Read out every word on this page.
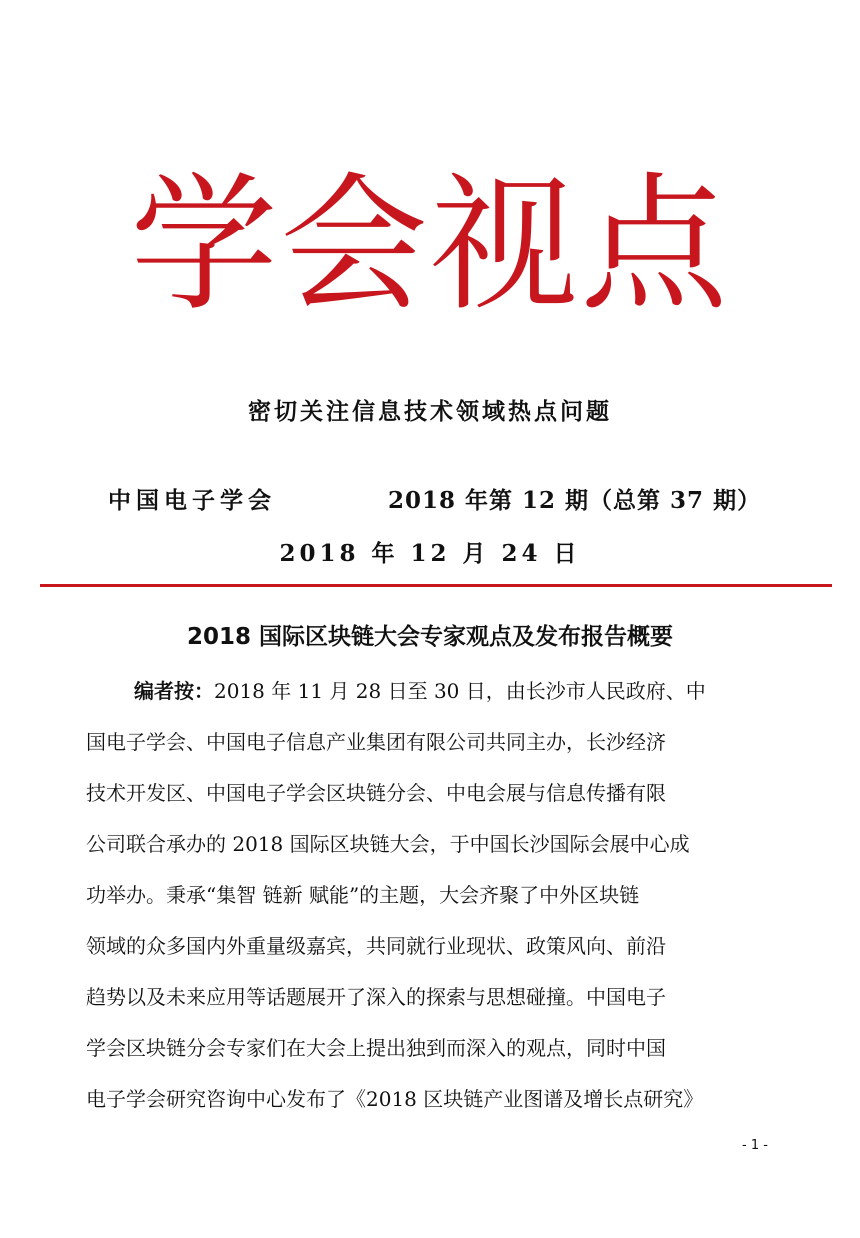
学会视点
密切关注信息技术领域热点问题
中国电子学会	2018 年第 12 期（总第 37 期）
2018 年 12 月 24 日
2018 国际区块链大会专家观点及发布报告概要
编者按：2018 年 11 月 28 日至 30 日，由长沙市人民政府、中
国电子学会、中国电子信息产业集团有限公司共同主办，长沙经济
技术开发区、中国电子学会区块链分会、中电会展与信息传播有限
公司联合承办的 2018 国际区块链大会，于中国长沙国际会展中心成
功举办。秉承“集智 链新 赋能”的主题，大会齐聚了中外区块链
领域的众多国内外重量级嘉宾，共同就行业现状、政策风向、前沿
趋势以及未来应用等话题展开了深入的探索与思想碰撞。中国电子
学会区块链分会专家们在大会上提出独到而深入的观点，同时中国
电子学会研究咨询中心发布了《2018 区块链产业图谱及增长点研究》
- 1 -
